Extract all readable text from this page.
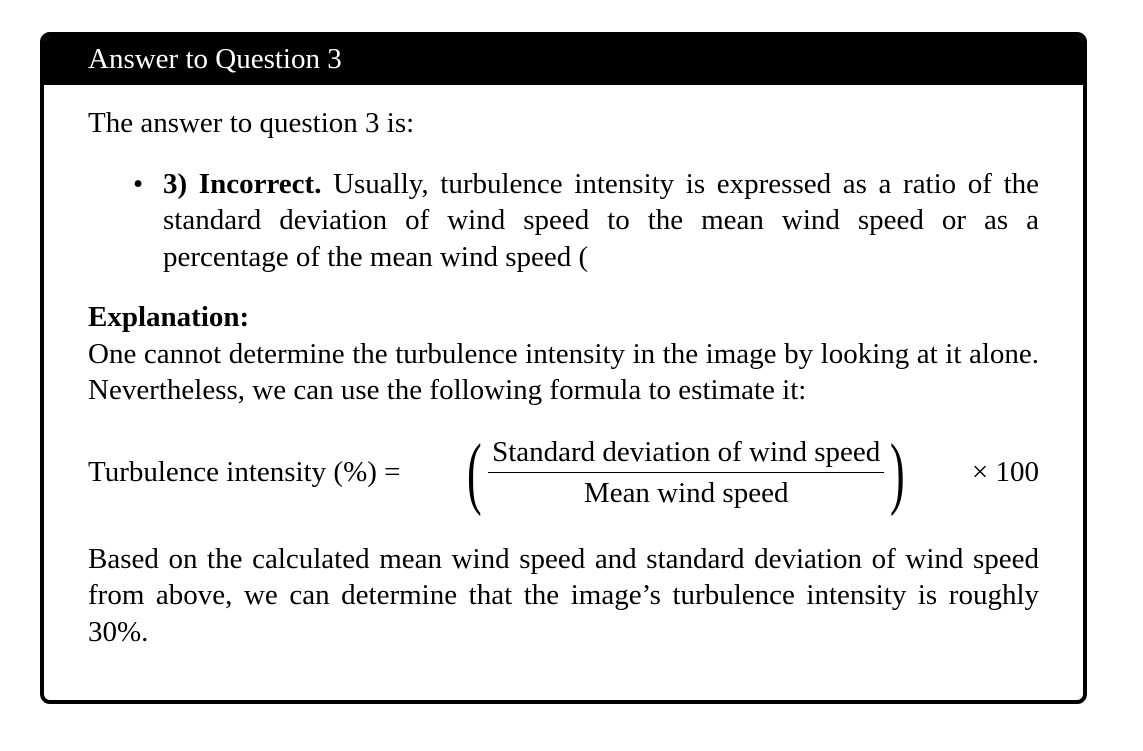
Answer to Question 3

The answer to question 3 is:

• 3) Incorrect. Usually, turbulence intensity is expressed as a ratio of the standard deviation of wind speed to the mean wind speed or as a percentage of the mean wind speed (

Explanation:

One cannot determine the turbulence intensity in the image by looking at it alone. Nevertheless, we can use the following formula to estimate it:

Turbulence intensity (%) = ( $\frac{\text{Standard deviation of wind speed}}{\text{Mean wind speed}}$ ) × 100

Based on the calculated mean wind speed and standard deviation of wind speed from above, we can determine that the image’s turbulence intensity is roughly 30%.
